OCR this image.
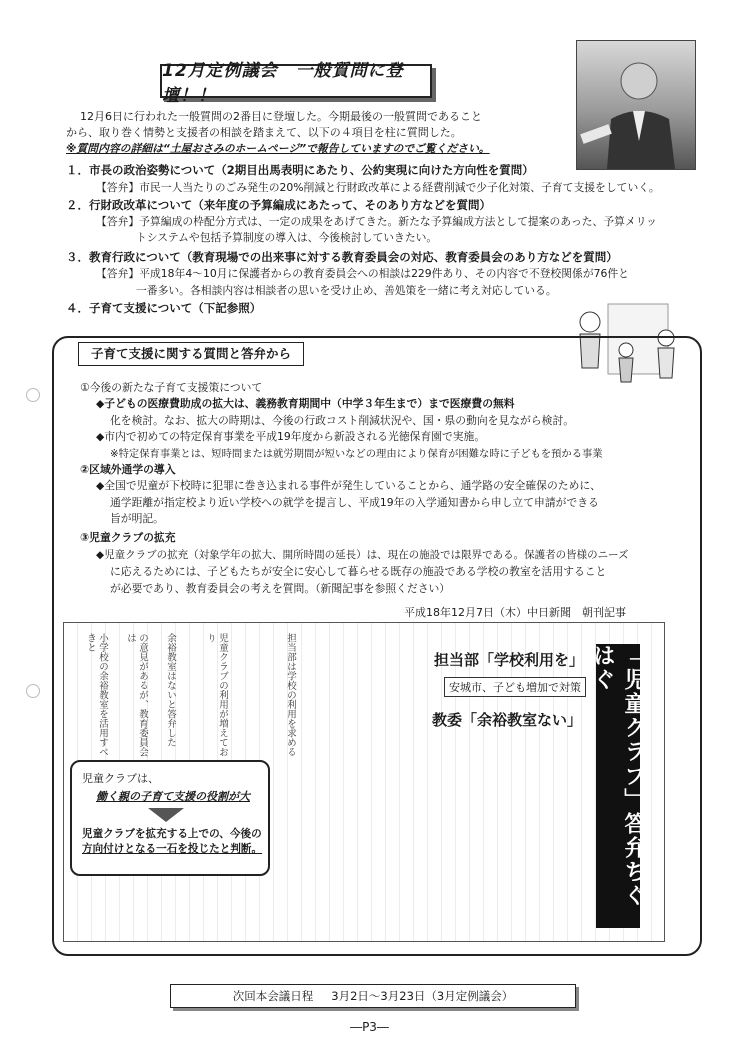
12月定例議会　一般質問に登壇！！
12月6日に行われた一般質問の2番目に登壇した。今期最後の一般質問であること
から、取り巻く情勢と支援者の相談を踏まえて、以下の４項目を柱に質問した。
※質問内容の詳細は“土屋おさみのホームページ”で報告していますのでご覧ください。
１．市長の政治姿勢について（2期目出馬表明にあたり、公約実現に向けた方向性を質問）
【答弁】市民一人当たりのごみ発生の20%削減と行財政改革による経費削減で少子化対策、子育て支援をしていく。
２．行財政改革について（来年度の予算編成にあたって、そのあり方などを質問）
【答弁】予算編成の枠配分方式は、一定の成果をあげてきた。新たな予算編成方法として提案のあった、予算メリッ
トシステムや包括予算制度の導入は、今後検討していきたい。
３．教育行政について（教育現場での出来事に対する教育委員会の対応、教育委員会のあり方などを質問）
【答弁】平成18年4～10月に保護者からの教育委員会への相談は229件あり、その内容で不登校関係が76件と
一番多い。各相談内容は相談者の思いを受け止め、善処策を一緒に考え対応している。
４．子育て支援について（下記参照）
子育て支援に関する質問と答弁から
①今後の新たな子育て支援策について
◆子どもの医療費助成の拡大は、義務教育期間中（中学３年生まで）まで医療費の無料
化を検討。なお、拡大の時期は、今後の行政コスト削減状況や、国・県の動向を見ながら検討。
◆市内で初めての特定保育事業を平成19年度から新設される光徳保育園で実施。
※特定保育事業とは、短時間または就労期間が短いなどの理由により保育が困難な時に子どもを預かる事業
②区域外通学の導入
◆全国で児童が下校時に犯罪に巻き込まれる事件が発生していることから、通学路の安全確保のために、
通学距離が指定校より近い学校への就学を提言し、平成19年の入学通知書から申し立て申請ができる
旨が明記。
③児童クラブの拡充
◆児童クラブの拡充（対象学年の拡大、開所時間の延長）は、現在の施設では限界である。保護者の皆様のニーズ
に応えるためには、子どもたちが安全に安心して暮らせる既存の施設である学校の教室を活用すること
が必要であり、教育委員会の考えを質問。（新聞記事を参照ください）
平成18年12月7日（木）中日新聞　朝刊記事
小学校の余裕教室を活用すべきと	の意見があるが、教育委員会は	余裕教室はないと答弁した	児童クラブの利用が増えており	担当部は学校の利用を求める	担当部「学校利用を」
安城市、子ども増加で対策
教委「余裕教室ない」	「児童クラブ」答弁ちぐはぐ
児童クラブは、
働く親の子育て支援の役割が大
児童クラブを拡充する上での、今後の
方向付けとなる一石を投じたと判断。
次回本会議日程 3月2日～3月23日（3月定例議会）
―P3―
